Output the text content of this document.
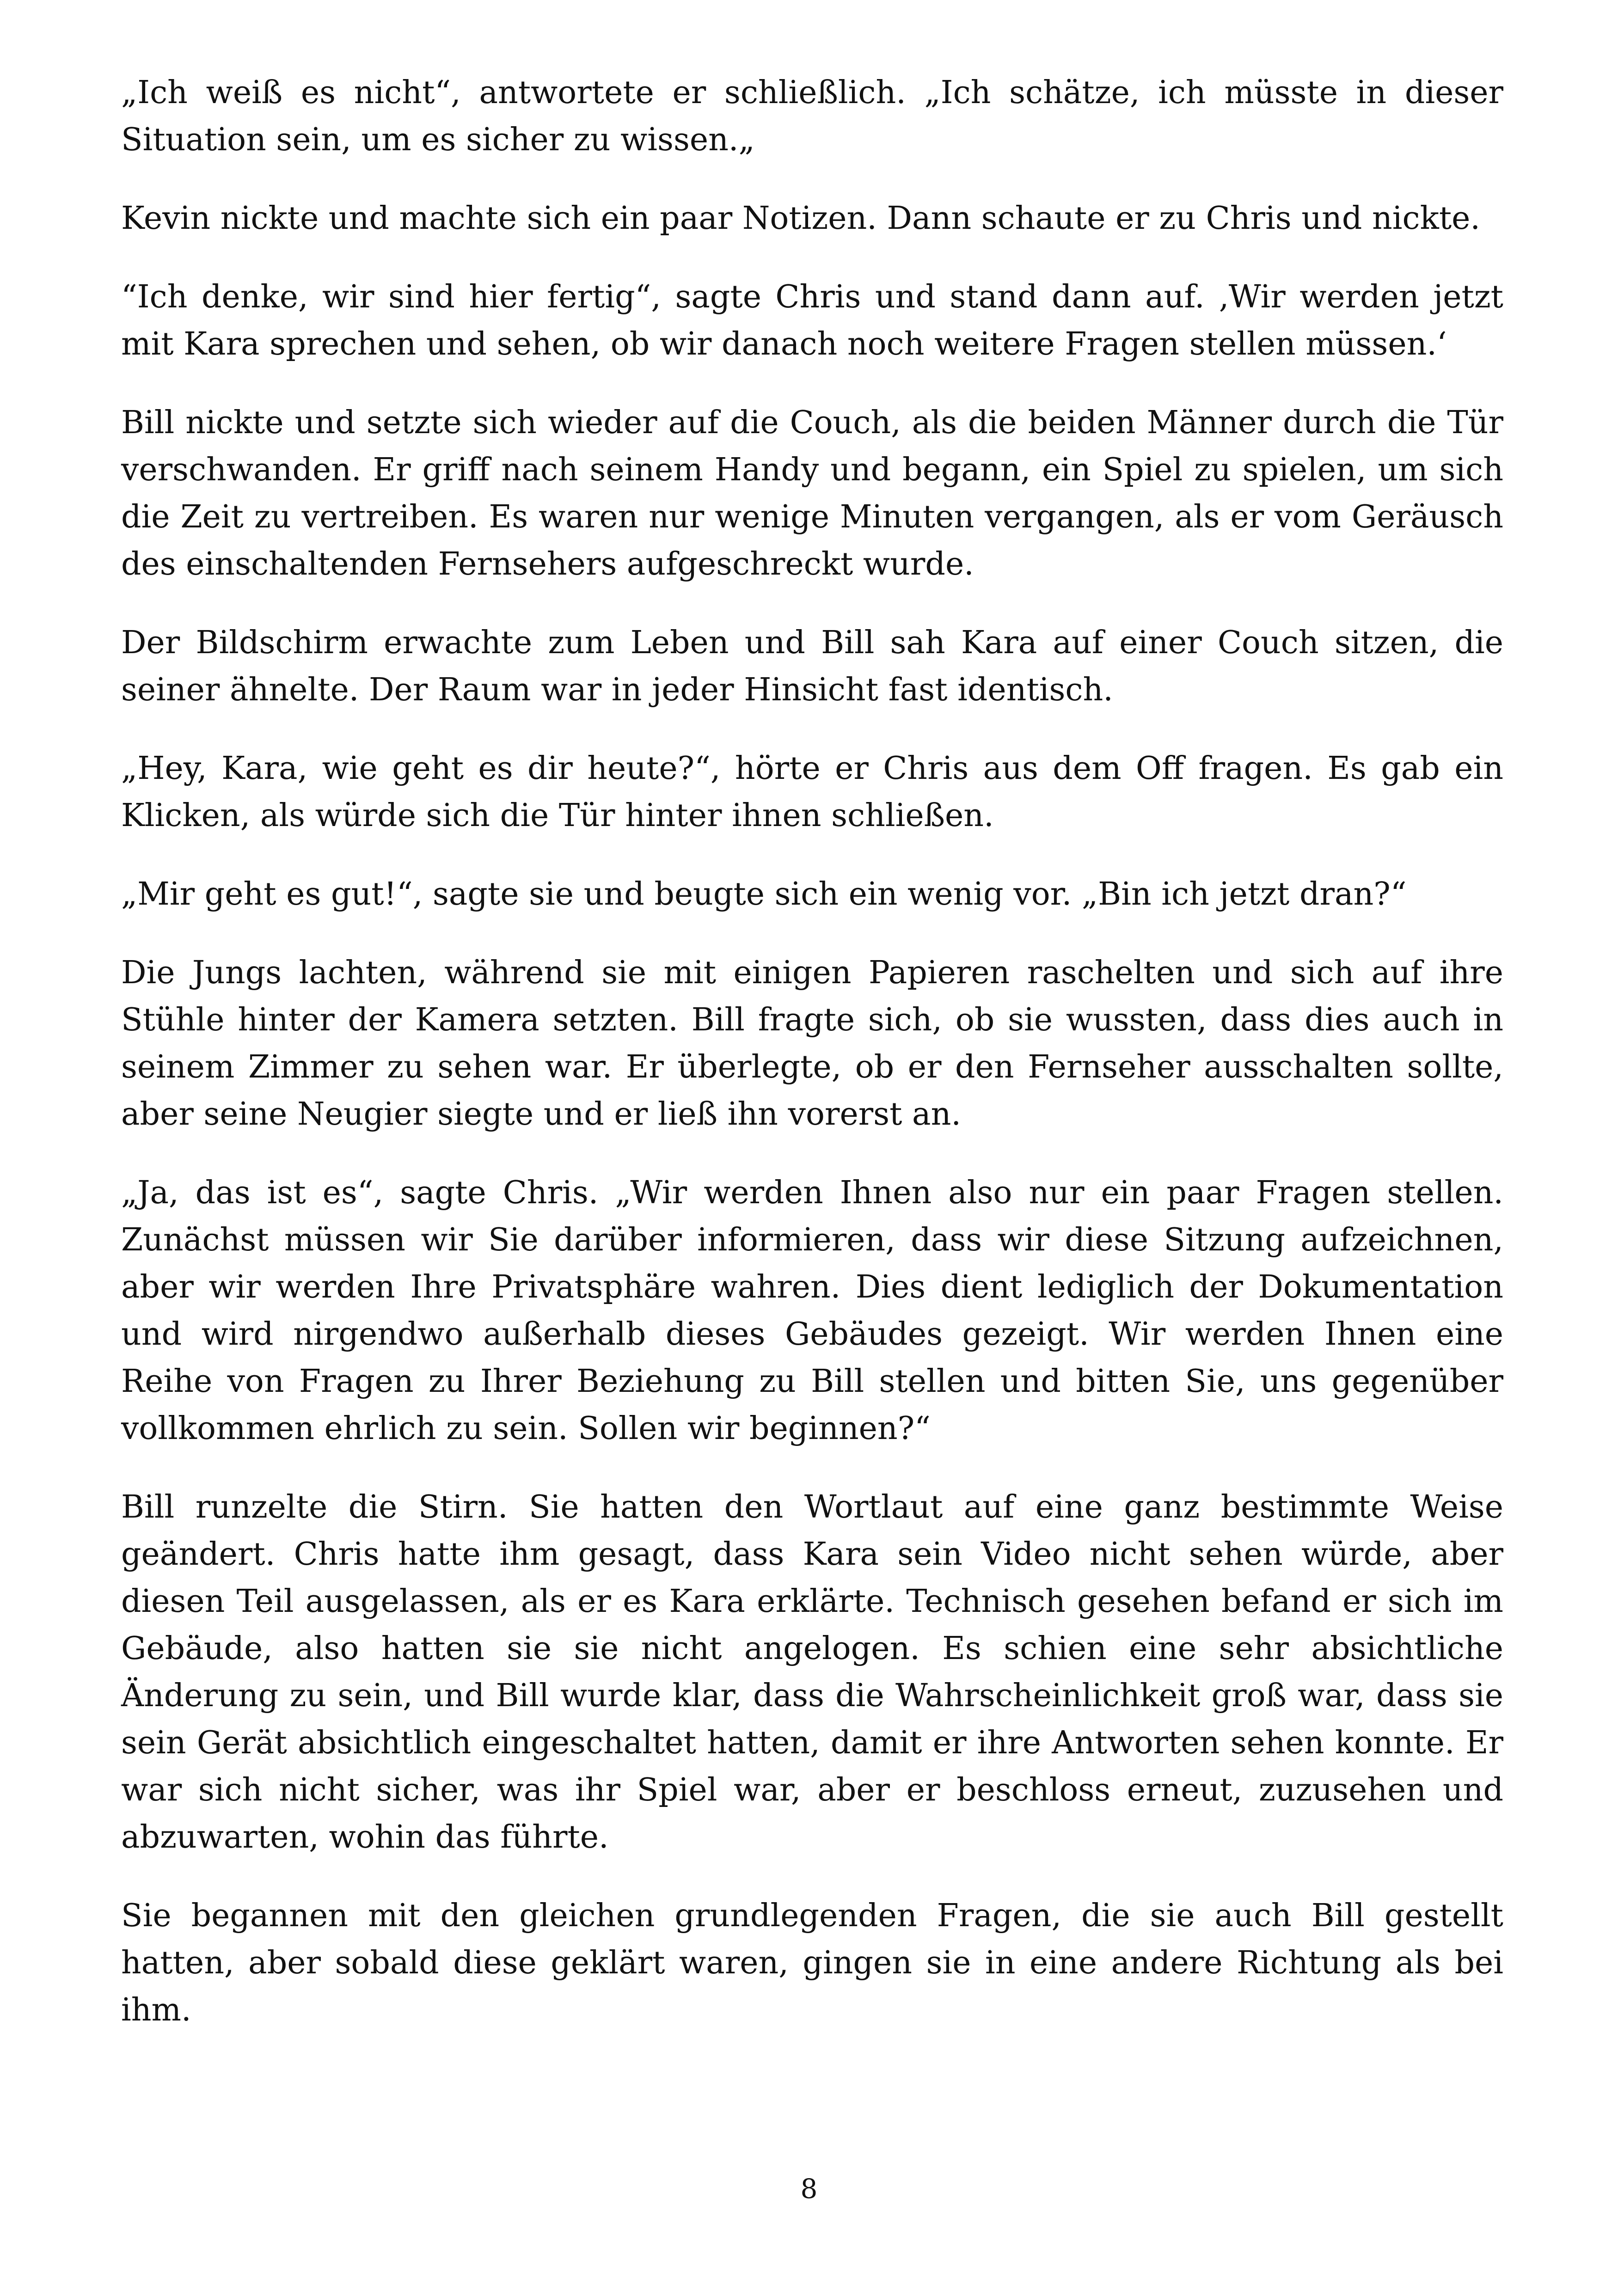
„Ich weiß es nicht“, antwortete er schließlich. „Ich schätze, ich müsste in dieser Situation sein, um es sicher zu wissen.„

Kevin nickte und machte sich ein paar Notizen. Dann schaute er zu Chris und nickte.

“Ich denke, wir sind hier fertig“, sagte Chris und stand dann auf. ‚Wir werden jetzt mit Kara sprechen und sehen, ob wir danach noch weitere Fragen stellen müssen.‘

Bill nickte und setzte sich wieder auf die Couch, als die beiden Männer durch die Tür verschwanden. Er griff nach seinem Handy und begann, ein Spiel zu spielen, um sich die Zeit zu vertreiben. Es waren nur wenige Minuten vergangen, als er vom Geräusch des einschaltenden Fernsehers aufgeschreckt wurde.

Der Bildschirm erwachte zum Leben und Bill sah Kara auf einer Couch sitzen, die seiner ähnelte. Der Raum war in jeder Hinsicht fast identisch.

„Hey, Kara, wie geht es dir heute?“, hörte er Chris aus dem Off fragen. Es gab ein Klicken, als würde sich die Tür hinter ihnen schließen.

„Mir geht es gut!“, sagte sie und beugte sich ein wenig vor. „Bin ich jetzt dran?“

Die Jungs lachten, während sie mit einigen Papieren raschelten und sich auf ihre Stühle hinter der Kamera setzten. Bill fragte sich, ob sie wussten, dass dies auch in seinem Zimmer zu sehen war. Er überlegte, ob er den Fernseher ausschalten sollte, aber seine Neugier siegte und er ließ ihn vorerst an.

„Ja, das ist es“, sagte Chris. „Wir werden Ihnen also nur ein paar Fragen stellen. Zunächst müssen wir Sie darüber informieren, dass wir diese Sitzung aufzeichnen, aber wir werden Ihre Privatsphäre wahren. Dies dient lediglich der Dokumentation und wird nirgendwo außerhalb dieses Gebäudes gezeigt. Wir werden Ihnen eine Reihe von Fragen zu Ihrer Beziehung zu Bill stellen und bitten Sie, uns gegenüber vollkommen ehrlich zu sein. Sollen wir beginnen?“

Bill runzelte die Stirn. Sie hatten den Wortlaut auf eine ganz bestimmte Weise geändert. Chris hatte ihm gesagt, dass Kara sein Video nicht sehen würde, aber diesen Teil ausgelassen, als er es Kara erklärte. Technisch gesehen befand er sich im Gebäude, also hatten sie sie nicht angelogen. Es schien eine sehr absichtliche Änderung zu sein, und Bill wurde klar, dass die Wahrscheinlichkeit groß war, dass sie sein Gerät absichtlich eingeschaltet hatten, damit er ihre Antworten sehen konnte. Er war sich nicht sicher, was ihr Spiel war, aber er beschloss erneut, zuzusehen und abzuwarten, wohin das führte.

Sie begannen mit den gleichen grundlegenden Fragen, die sie auch Bill gestellt hatten, aber sobald diese geklärt waren, gingen sie in eine andere Richtung als bei ihm.

8
